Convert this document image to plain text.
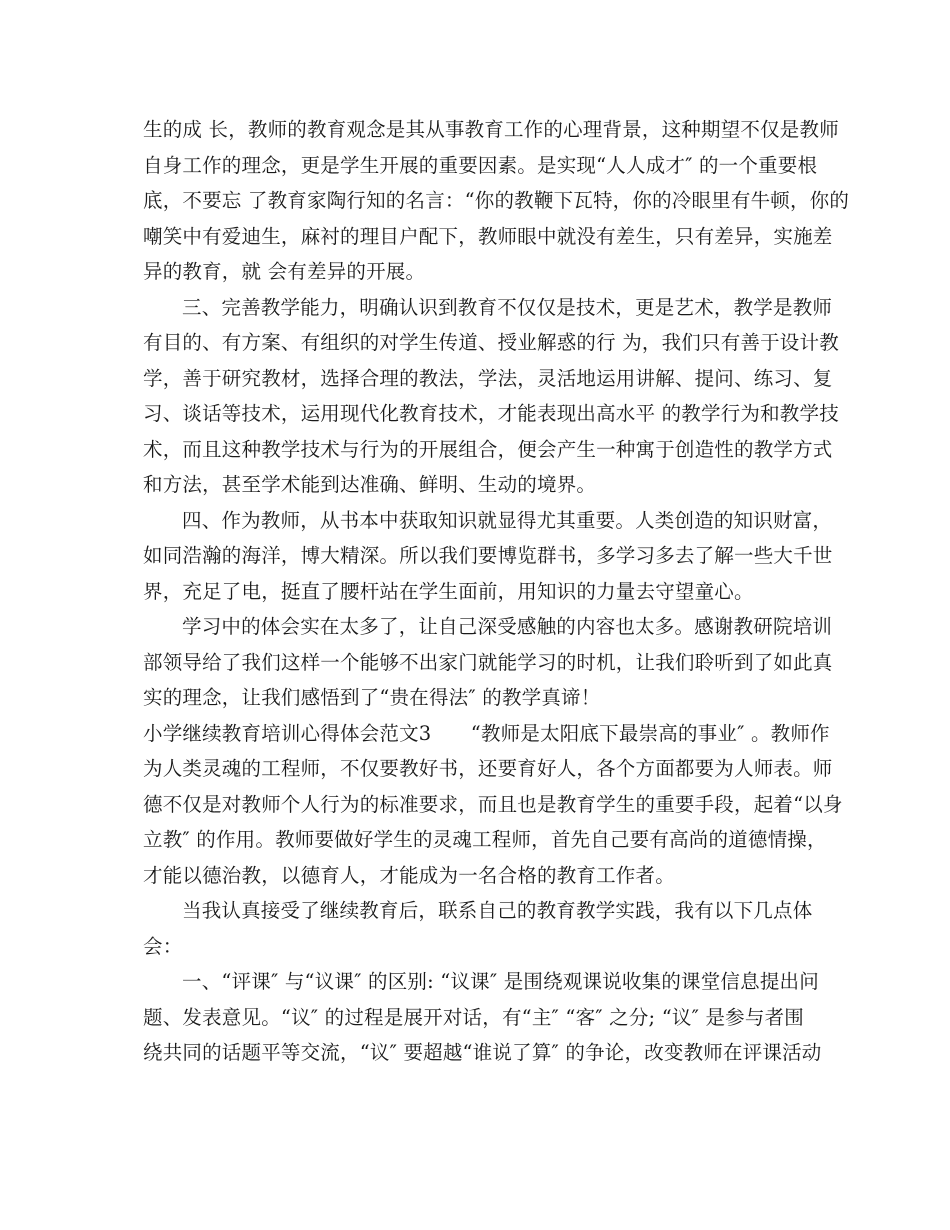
生的成 长，教师的教育观念是其从事教育工作的心理背景，这种期望不仅是教师
自身工作的理念，更是学生开展的重要因素。是实现“人人成才″ 的一个重要根
底，不要忘 了教育家陶行知的名言：“你的教鞭下瓦特，你的冷眼里有牛顿，你的
嘲笑中有爱迪生，麻衬的理目户配下，教师眼中就没有差生，只有差异，实施差
异的教育，就 会有差异的开展。
三、完善教学能力，明确认识到教育不仅仅是技术，更是艺术，教学是教师
有目的、有方案、有组织的对学生传道、授业解惑的行 为，我们只有善于设计教
学，善于研究教材，选择合理的教法，学法，灵活地运用讲解、提问、练习、复
习、谈话等技术，运用现代化教育技术，才能表现出高水平 的教学行为和教学技
术，而且这种教学技术与行为的开展组合，便会产生一种寓于创造性的教学方式
和方法，甚至学术能到达准确、鲜明、生动的境界。
四、作为教师，从书本中获取知识就显得尤其重要。人类创造的知识财富，
如同浩瀚的海洋，博大精深。所以我们要博览群书，多学习多去了解一些大千世
界，充足了电，挺直了腰杆站在学生面前，用知识的力量去守望童心。
学习中的体会实在太多了，让自己深受感触的内容也太多。感谢教研院培训
部领导给了我们这样一个能够不出家门就能学习的时机，让我们聆听到了如此真
实的理念，让我们感悟到了“贵在得法″ 的教学真谛！
小学继续教育培训心得体会范文3　　“教师是太阳底下最崇高的事业″ 。教师作
为人类灵魂的工程师，不仅要教好书，还要育好人，各个方面都要为人师表。师
德不仅是对教师个人行为的标准要求，而且也是教育学生的重要手段，起着“以身
立教″ 的作用。教师要做好学生的灵魂工程师，首先自己要有高尚的道德情操，
才能以德治教，以德育人，才能成为一名合格的教育工作者。
当我认真接受了继续教育后，联系自己的教育教学实践，我有以下几点体
会：
一、“评课″ 与“议课″ 的区别: “议课″ 是围绕观课说收集的课堂信息提出问
题、发表意见。“议″ 的过程是展开对话，有“主″ “客″ 之分; “议″ 是参与者围
绕共同的话题平等交流，“议″ 要超越“谁说了算″ 的争论，改变教师在评课活动
